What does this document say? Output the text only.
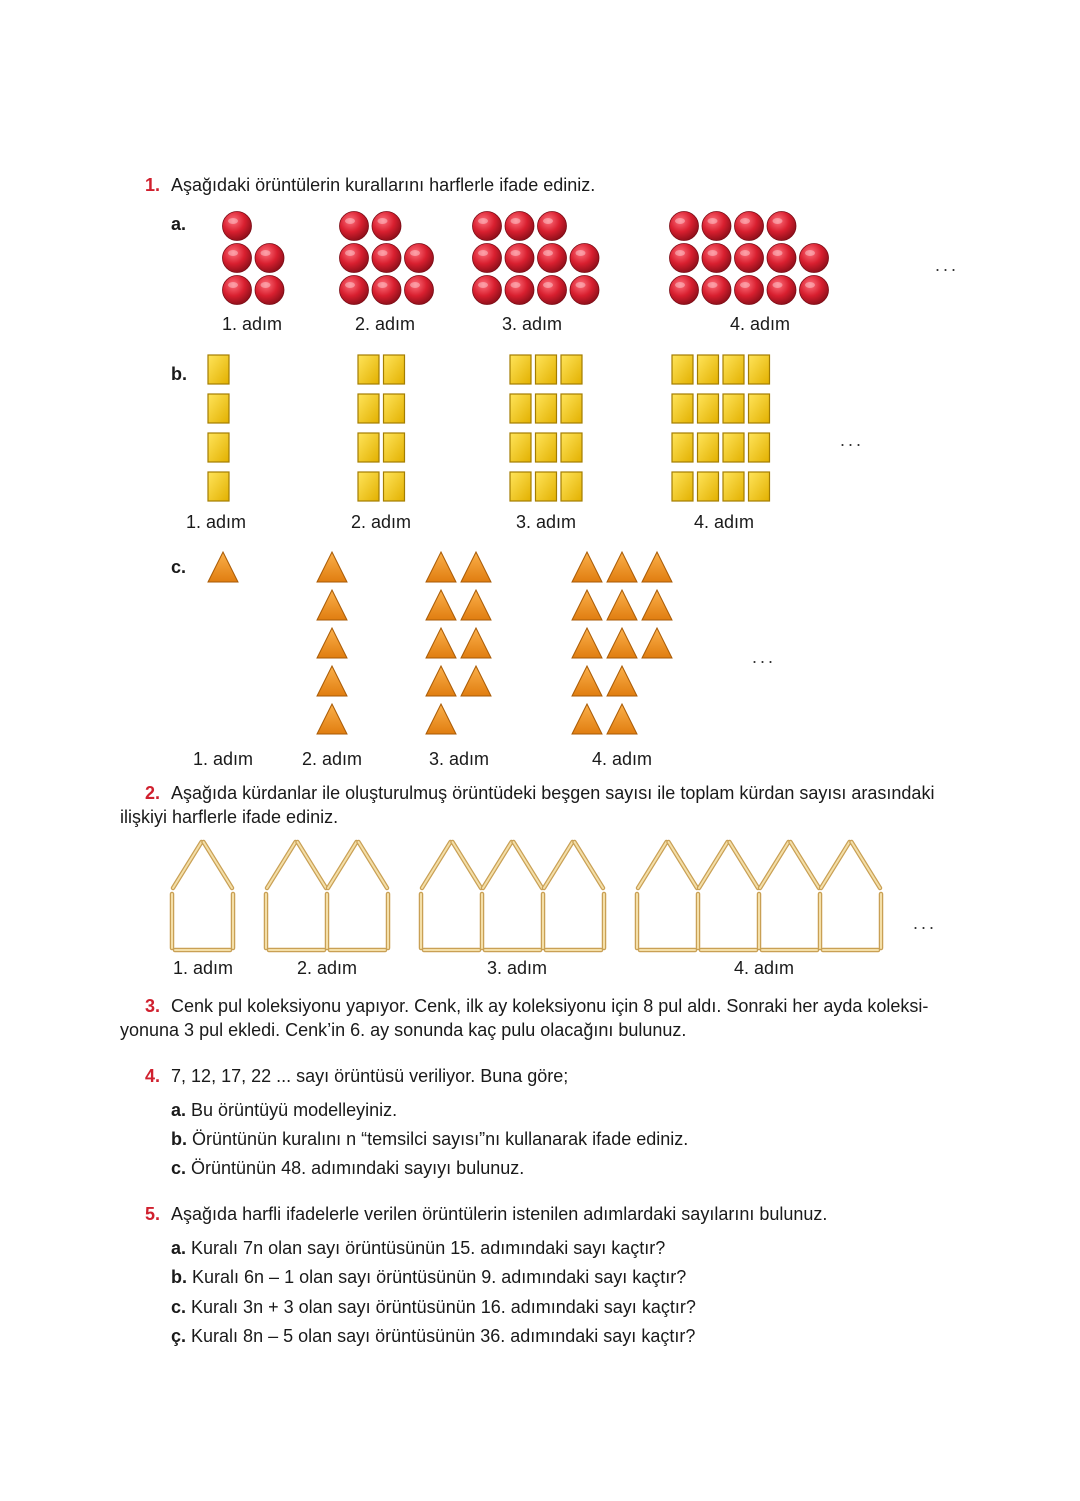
1. Aşağıdaki örüntülerin kurallarını harflerle ifade ediniz.
a.
1. adım	2. adım	3. adım	4. adım
...
b.
1. adım	2. adım	3. adım	4. adım
...
c.
1. adım	2. adım	3. adım	4. adım
...
2. Aşağıda kürdanlar ile oluşturulmuş örüntüdeki beşgen sayısı ile toplam kürdan sayısı arasındaki
ilişkiyi harflerle ifade ediniz.
1. adım	2. adım	3. adım	4. adım
...
3. Cenk pul koleksiyonu yapıyor. Cenk, ilk ay koleksiyonu için 8 pul aldı. Sonraki her ayda koleksi-
yonuna 3 pul ekledi. Cenk’in 6. ay sonunda kaç pulu olacağını bulunuz.
4. 7, 12, 17, 22 ... sayı örüntüsü veriliyor. Buna göre;
a. Bu örüntüyü modelleyiniz.
b. Örüntünün kuralını n “temsilci sayısı”nı kullanarak ifade ediniz.
c. Örüntünün 48. adımındaki sayıyı bulunuz.
5. Aşağıda harfli ifadelerle verilen örüntülerin istenilen adımlardaki sayılarını bulunuz.
a. Kuralı 7n olan sayı örüntüsünün 15. adımındaki sayı kaçtır?
b. Kuralı 6n – 1 olan sayı örüntüsünün 9. adımındaki sayı kaçtır?
c. Kuralı 3n + 3 olan sayı örüntüsünün 16. adımındaki sayı kaçtır?
ç. Kuralı 8n – 5 olan sayı örüntüsünün 36. adımındaki sayı kaçtır?
